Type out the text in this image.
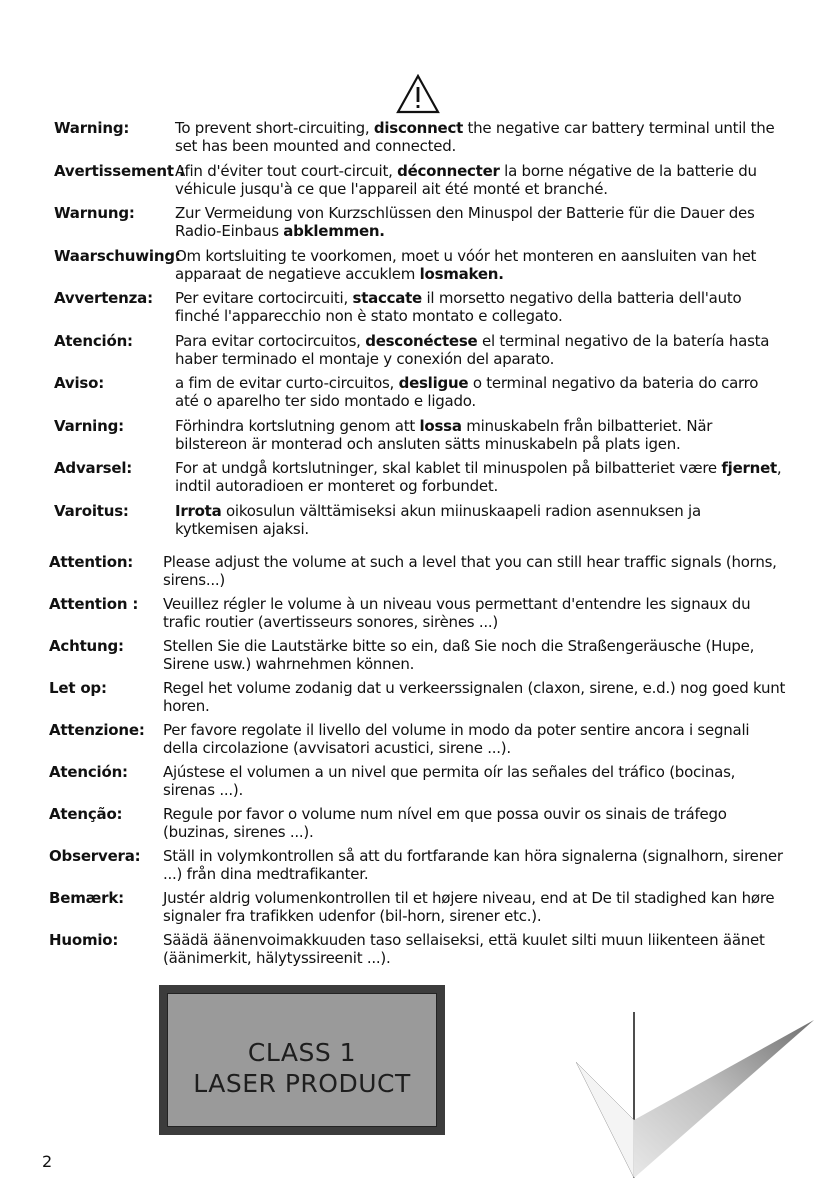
Warning:	To prevent short-circuiting, disconnect the negative car battery terminal until the set has been mounted and connected.
Avertissement :
Afin d'éviter tout court-circuit, déconnecter la borne négative de la batterie du véhicule jusqu'à ce que l'appareil ait été monté et branché.
Warnung:	Zur Vermeidung von Kurzschlüssen den Minuspol der Batterie für die Dauer des Radio-Einbaus abklemmen.
Waarschuwing:
Om kortsluiting te voorkomen, moet u vóór het monteren en aansluiten van het apparaat de negatieve accuklem losmaken.
Avvertenza: Per evitare cortocircuiti, staccate il morsetto negativo della batteria dell'auto finché l'apparecchio non è stato montato e collegato.
Atención:	Para evitar cortocircuitos, desconéctese el terminal negativo de la batería hasta haber terminado el montaje y conexión del aparato.
Aviso:	a fim de evitar curto-circuitos, desligue o terminal negativo da bateria do carro até o aparelho ter sido montado e ligado.
Varning:	Förhindra kortslutning genom att lossa minuskabeln från bilbatteriet. När bilstereon är monterad och ansluten sätts minuskabeln på plats igen.
Advarsel:	For at undgå kortslutninger, skal kablet til minuspolen på bilbatteriet være fjernet, indtil autoradioen er monteret og forbundet.
Varoitus:	Irrota oikosulun välttämiseksi akun miinuskaapeli radion asennuksen ja kytkemisen ajaksi.
Attention: Please adjust the volume at such a level that you can still hear traffic signals (horns, sirens...)
Attention : Veuillez régler le volume à un niveau vous permettant d'entendre les signaux du trafic routier (avertisseurs sonores, sirènes ...)
Achtung:	Stellen Sie die Lautstärke bitte so ein, daß Sie noch die Straßengeräusche (Hupe, Sirene usw.) wahrnehmen können.
Let op:	Regel het volume zodanig dat u verkeerssignalen (claxon, sirene, e.d.) nog goed kunt horen.
Attenzione: Per favore regolate il livello del volume in modo da poter sentire ancora i segnali della circolazione (avvisatori acustici, sirene ...).
Atención: Ajústese el volumen a un nivel que permita oír las señales del tráfico (bocinas, sirenas ...).
Atenção:	Regule por favor o volume num nível em que possa ouvir os sinais de tráfego (buzinas, sirenes ...).
Observera: Ställ in volymkontrollen så att du fortfarande kan höra signalerna (signalhorn, sirener ...) från dina medtrafikanter.
Bemærk:	Justér aldrig volumenkontrollen til et højere niveau, end at De til stadighed kan høre signaler fra trafikken udenfor (bil-horn, sirener etc.).
Huomio:	Säädä äänenvoimakkuuden taso sellaiseksi, että kuulet silti muun liikenteen äänet (äänimerkit, hälytyssireenit ...).
CLASS 1
LASER PRODUCT
2
